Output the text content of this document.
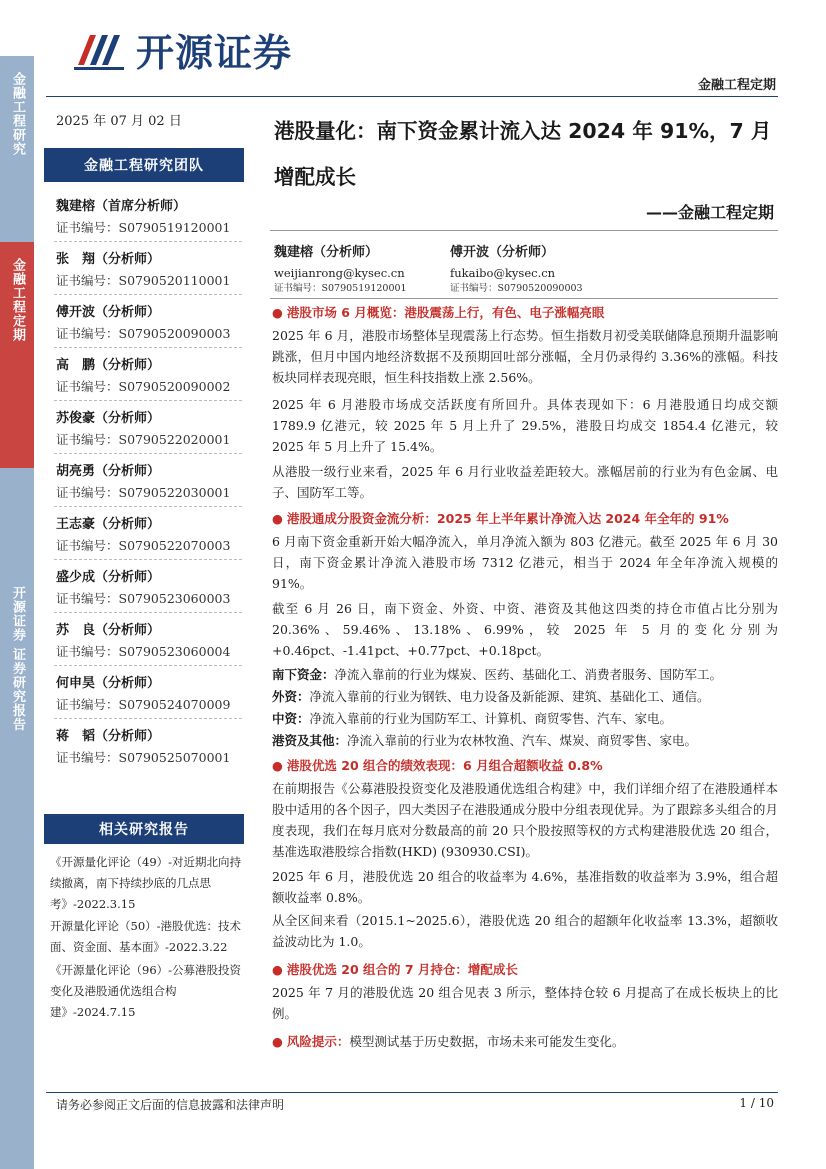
金融工程研究
金融工程定期
开源证券 证券研究报告
开源证券
金融工程定期
2025 年 07 月 02 日
金融工程研究团队
魏建榕（首席分析师）
证书编号：S0790519120001
张　翔（分析师）
证书编号：S0790520110001
傅开波（分析师）
证书编号：S0790520090003
高　鹏（分析师）
证书编号：S0790520090002
苏俊豪（分析师）
证书编号：S0790522020001
胡亮勇（分析师）
证书编号：S0790522030001
王志豪（分析师）
证书编号：S0790522070003
盛少成（分析师）
证书编号：S0790523060003
苏　良（分析师）
证书编号：S0790523060004
何申昊（分析师）
证书编号：S0790524070009
蒋　韬（分析师）
证书编号：S0790525070001
相关研究报告
《开源量化评论（49）-对近期北向持续撤离，南下持续抄底的几点思考》-2022.3.15
开源量化评论（50）-港股优选：技术面、资金面、基本面》-2022.3.22
《开源量化评论（96）-公募港股投资变化及港股通优选组合构建》-2024.7.15
港股量化：南下资金累计流入达 2024 年 91%，7 月增配成长
——金融工程定期
魏建榕（分析师）
weijianrong@kysec.cn
证书编号：S0790519120001
傅开波（分析师）
fukaibo@kysec.cn
证书编号：S0790520090003
● 港股市场 6 月概览：港股震荡上行，有色、电子涨幅亮眼
2025 年 6 月，港股市场整体呈现震荡上行态势。恒生指数月初受美联储降息预期升温影响跳涨，但月中国内地经济数据不及预期回吐部分涨幅，全月仍录得约 3.36%的涨幅。科技板块同样表现亮眼，恒生科技指数上涨 2.56%。
2025 年 6 月港股市场成交活跃度有所回升。具体表现如下：6 月港股通日均成交额 1789.9 亿港元，较 2025 年 5 月上升了 29.5%，港股日均成交 1854.4 亿港元，较 2025 年 5 月上升了 15.4%。
从港股一级行业来看，2025 年 6 月行业收益差距较大。涨幅居前的行业为有色金属、电子、国防军工等。
● 港股通成分股资金流分析：2025 年上半年累计净流入达 2024 年全年的 91%
6 月南下资金重新开始大幅净流入，单月净流入额为 803 亿港元。截至 2025 年 6 月 30 日，南下资金累计净流入港股市场 7312 亿港元，相当于 2024 年全年净流入规模的 91%。
截至 6 月 26 日，南下资金、外资、中资、港资及其他这四类的持仓市值占比分别为 20.36%、59.46%、13.18%、6.99%，较 2025 年 5 月的变化分别为+0.46pct、-1.41pct、+0.77pct、+0.18pct。
南下资金：净流入靠前的行业为煤炭、医药、基础化工、消费者服务、国防军工。
外资：净流入靠前的行业为钢铁、电力设备及新能源、建筑、基础化工、通信。
中资：净流入靠前的行业为国防军工、计算机、商贸零售、汽车、家电。
港资及其他：净流入靠前的行业为农林牧渔、汽车、煤炭、商贸零售、家电。
● 港股优选 20 组合的绩效表现：6 月组合超额收益 0.8%
在前期报告《公募港股投资变化及港股通优选组合构建》中，我们详细介绍了在港股通样本股中适用的各个因子，四大类因子在港股通成分股中分组表现优异。为了跟踪多头组合的月度表现，我们在每月底对分数最高的前 20 只个股按照等权的方式构建港股优选 20 组合，基准选取港股综合指数(HKD) (930930.CSI)。
2025 年 6 月，港股优选 20 组合的收益率为 4.6%，基准指数的收益率为 3.9%，组合超额收益率 0.8%。
从全区间来看（2015.1~2025.6），港股优选 20 组合的超额年化收益率 13.3%，超额收益波动比为 1.0。
● 港股优选 20 组合的 7 月持仓：增配成长
2025 年 7 月的港股优选 20 组合见表 3 所示，整体持仓较 6 月提高了在成长板块上的比例。
● 风险提示：模型测试基于历史数据，市场未来可能发生变化。
请务必参阅正文后面的信息披露和法律声明	1 / 10
